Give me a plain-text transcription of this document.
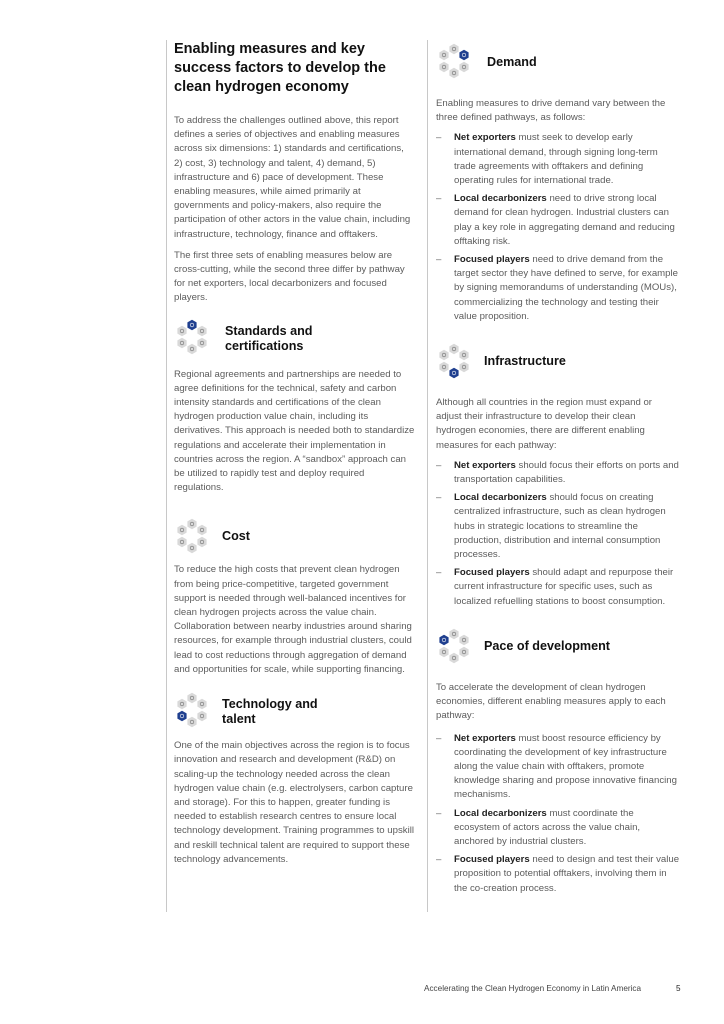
Enabling measures and key success factors to develop the clean hydrogen economy

To address the challenges outlined above, this report defines a series of objectives and enabling measures across six dimensions: 1) standards and certifications, 2) cost, 3) technology and talent, 4) demand, 5) infrastructure and 6) pace of development. These enabling measures, while aimed primarily at governments and policy-makers, also require the participation of other actors in the value chain, including infrastructure, technology, finance and offtakers.

The first three sets of enabling measures below are cross-cutting, while the second three differ by pathway for net exporters, local decarbonizers and focused players.

Standards and certifications

Regional agreements and partnerships are needed to agree definitions for the technical, safety and carbon intensity standards and certifications of the clean hydrogen production value chain, including its derivatives. This approach is needed both to standardize regulations and accelerate their implementation in countries across the region. A “sandbox” approach can be utilized to rapidly test and deploy required regulations.

Cost

To reduce the high costs that prevent clean hydrogen from being price-competitive, targeted government support is needed through well-balanced incentives for clean hydrogen projects across the value chain. Collaboration between nearby industries around sharing resources, for example through industrial clusters, could lead to cost reductions through aggregation of demand and opportunities for scale, while supporting financing.

Technology and talent

One of the main objectives across the region is to focus innovation and research and development (R&D) on scaling-up the technology needed across the clean hydrogen value chain (e.g. electrolysers, carbon capture and storage). For this to happen, greater funding is needed to establish research centres to ensure local technology development. Training programmes to upskill and reskill technical talent are required to support these technology advancements.

Demand

Enabling measures to drive demand vary between the three defined pathways, as follows:

– Net exporters must seek to develop early international demand, through signing long-term trade agreements with offtakers and defining operating rules for international trade.
– Local decarbonizers need to drive strong local demand for clean hydrogen. Industrial clusters can play a key role in aggregating demand and reducing offtaking risk.
– Focused players need to drive demand from the target sector they have defined to serve, for example by signing memorandums of understanding (MOUs), commercializing the technology and testing their value proposition.
Infrastructure

Although all countries in the region must expand or adjust their infrastructure to develop their clean hydrogen economies, there are different enabling measures for each pathway:

– Net exporters should focus their efforts on ports and transportation capabilities.
– Local decarbonizers should focus on creating centralized infrastructure, such as clean hydrogen hubs in strategic locations to streamline the production, distribution and internal consumption processes.
– Focused players should adapt and repurpose their current infrastructure for specific uses, such as localized refuelling stations to boost consumption.
Pace of development

To accelerate the development of clean hydrogen economies, different enabling measures apply to each pathway:

– Net exporters must boost resource efficiency by coordinating the development of key infrastructure along the value chain with offtakers, promote knowledge sharing and propose innovative financing mechanisms.
– Local decarbonizers must coordinate the ecosystem of actors across the value chain, anchored by industrial clusters.
– Focused players need to design and test their value proposition to potential offtakers, involving them in the co-creation process.
Accelerating the Clean Hydrogen Economy in Latin America	5
